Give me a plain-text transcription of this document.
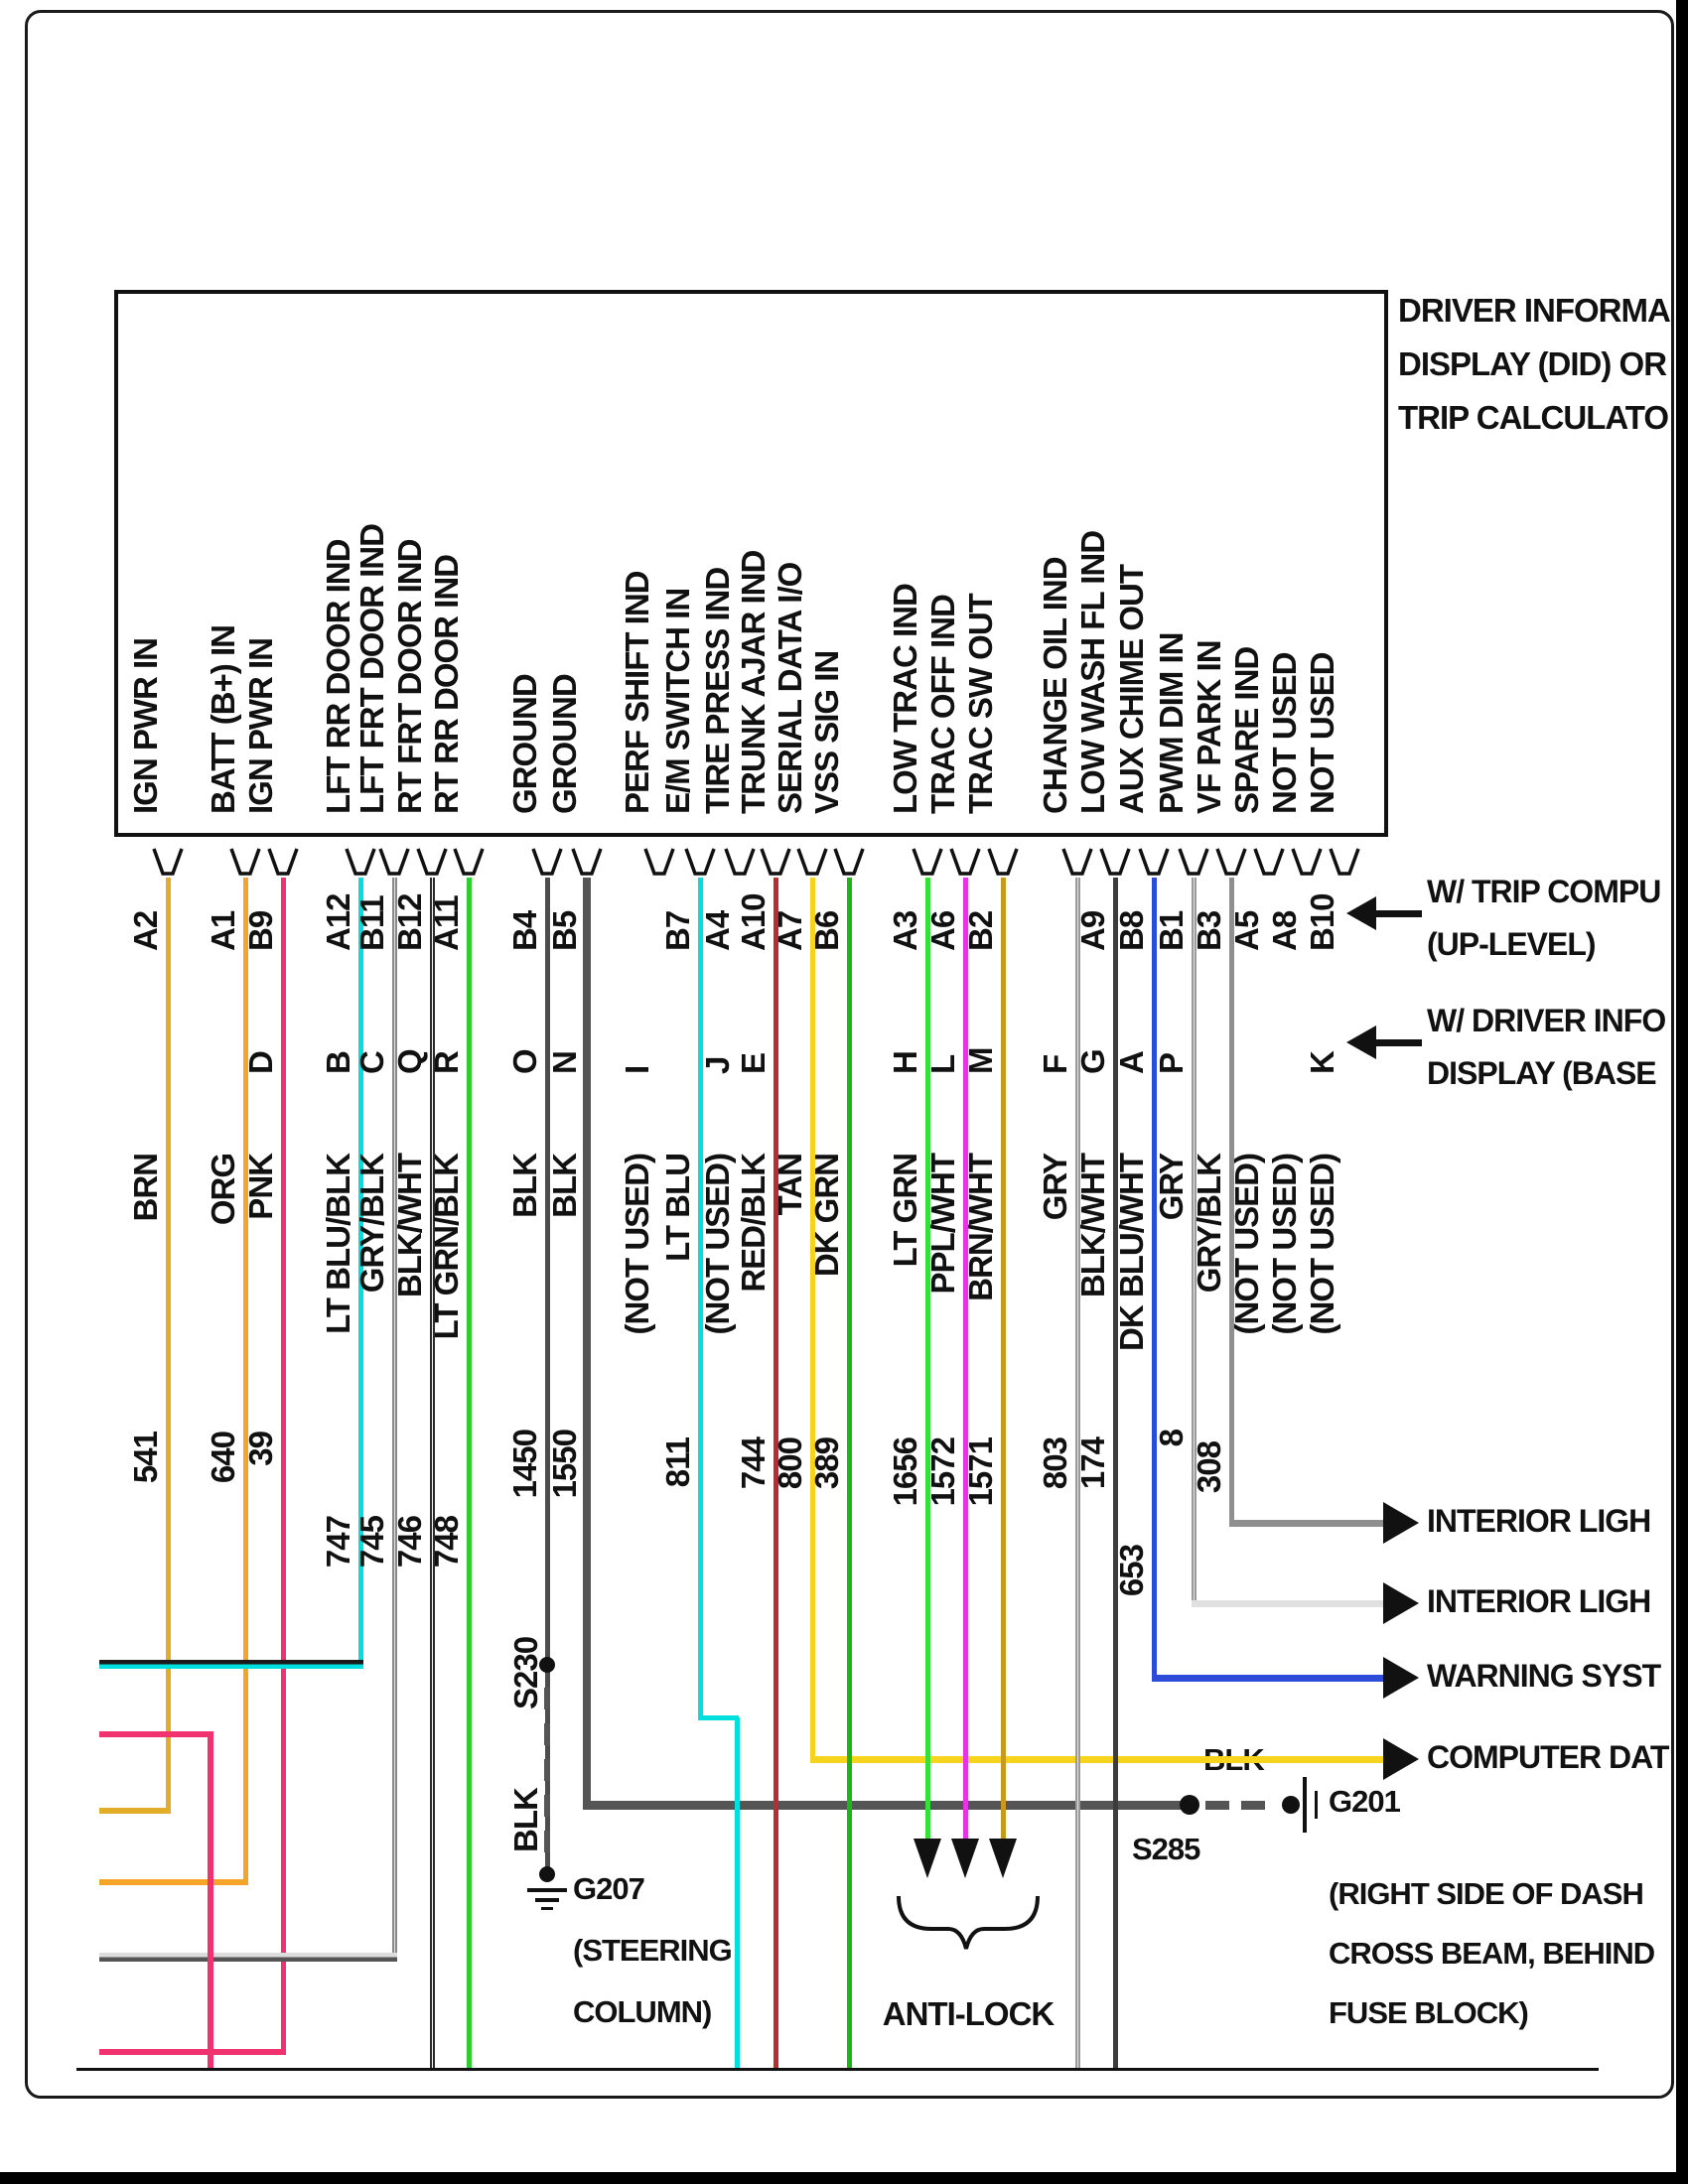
DRIVER INFORMA
DISPLAY (DID) OR
TRIP CALCULATO
IGN PWR IN
A2
BRN
541
BATT (B+) IN
A1
ORG
640
IGN PWR IN
B9
D
PNK
39
LFT RR DOOR IND
A12
B
LT BLU/BLK
747
LFT FRT DOOR IND
B11
C
GRY/BLK
745
RT FRT DOOR IND
B12
Q
BLK/WHT
746
RT RR DOOR IND
A11
R
LT GRN/BLK
748
GROUND
B4
O
BLK
1450
S230
BLK
G207
(STEERING
COLUMN)
GROUND
B5
N
BLK
1550
S285
G201
(RIGHT SIDE OF DASH
CROSS BEAM, BEHIND
FUSE BLOCK)
PERF SHIFT IND
I
(NOT USED)
E/M SWITCH IN
B7
LT BLU
811
TIRE PRESS IND
A4
J
(NOT USED)
TRUNK AJAR IND
A10
E
RED/BLK
744
SERIAL DATA I/O
A7
TAN
800
COMPUTER DAT
VSS SIG IN
B6
DK GRN
389
LOW TRAC IND
A3
H
LT GRN
1656
TRAC OFF IND
A6
L
PPL/WHT
1572
TRAC SW OUT
B2
M
BRN/WHT
1571
CHANGE OIL IND
F
GRY
803
LOW WASH FL IND
A9
G
BLK/WHT
174
AUX CHIME OUT
B8
A
DK BLU/WHT
653
WARNING SYST
PWM DIM IN
B1
P
GRY
8
INTERIOR LIGH
VF PARK IN
B3
GRY/BLK
308
INTERIOR LIGH
SPARE IND
A5
(NOT USED)
NOT USED
A8
(NOT USED)
NOT USED
B10
K
(NOT USED)
W/ TRIP COMPU
(UP-LEVEL)
W/ DRIVER INFO
DISPLAY (BASE
ANTI-LOCK
